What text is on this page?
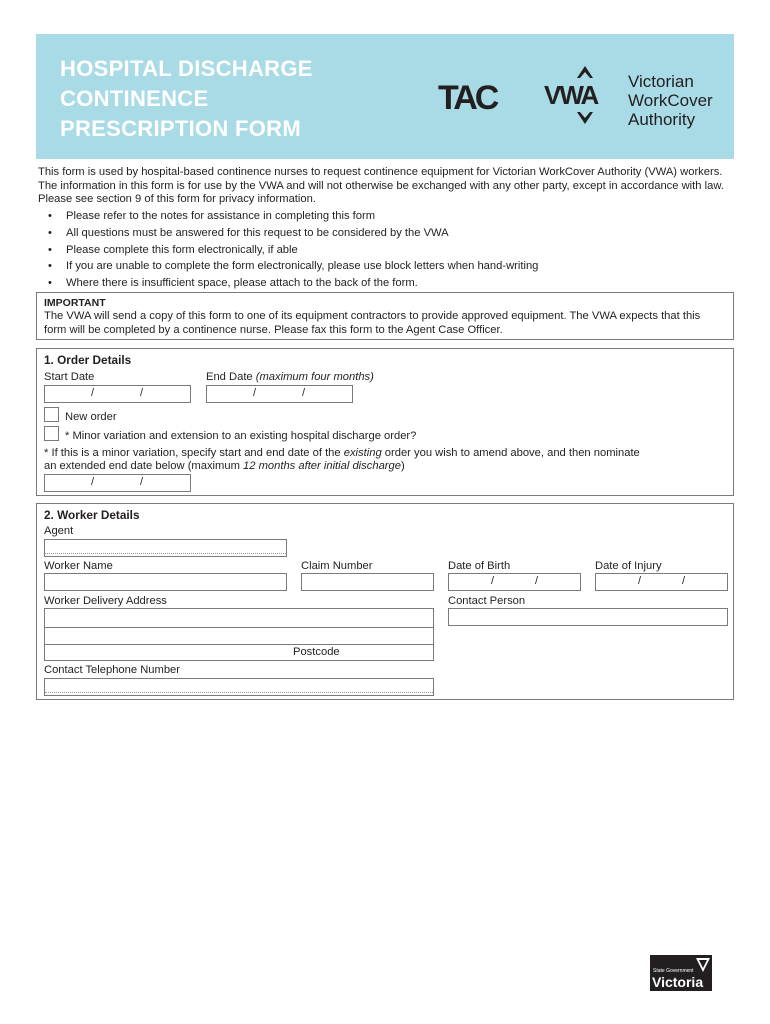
HOSPITAL DISCHARGE
CONTINENCE
PRESCRIPTION FORM
TAC VWA Victorian
WorkCover
Authority
This form is used by hospital-based continence nurses to request continence equipment for Victorian WorkCover Authority (VWA) workers. The information in this form is for use by the VWA and will not otherwise be exchanged with any other party, except in accordance with law. Please see section 9 of this form for privacy information.
• Please refer to the notes for assistance in completing this form
• All questions must be answered for this request to be considered by the VWA
• Please complete this form electronically, if able
• If you are unable to complete the form electronically, please use block letters when hand-writing
• Where there is insufficient space, please attach to the back of the form.
IMPORTANT
The VWA will send a copy of this form to one of its equipment contractors to provide approved equipment. The VWA expects that this form will be completed by a continence nurse. Please fax this form to the Agent Case Officer.
1. Order Details
Start Date	End Date (maximum four months)
/	/	/	/
New order
* Minor variation and extension to an existing hospital discharge order?
* If this is a minor variation, specify start and end date of the existing order you wish to amend above, and then nominate
an extended end date below (maximum 12 months after initial discharge)
/	/
2. Worker Details
Agent
Worker Name	Claim Number	Date of Birth	Date of Injury
/	/	/	/
Worker Delivery Address	Contact Person
Postcode
Contact Telephone Number
State Government
Victoria
